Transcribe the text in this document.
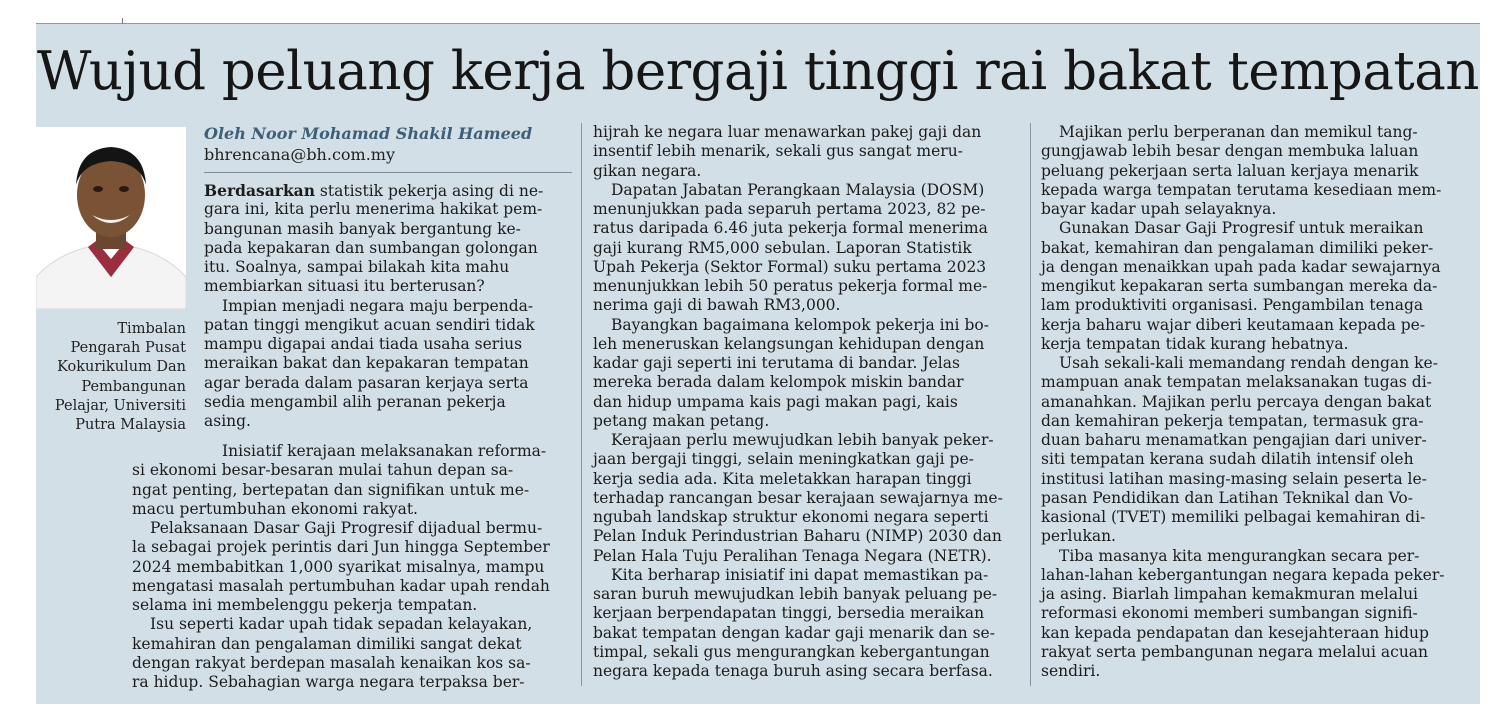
Wujud peluang kerja bergaji tinggi rai bakat tempatan
Timbalan
Pengarah Pusat
Kokurikulum Dan
Pembangunan
Pelajar, Universiti
Putra Malaysia
Oleh Noor Mohamad Shakil Hameed
bhrencana@bh.com.my
Berdasarkan statistik pekerja asing di ne-
gara ini, kita perlu menerima hakikat pem-
bangunan masih banyak bergantung ke-
pada kepakaran dan sumbangan golongan
itu. Soalnya, sampai bilakah kita mahu
membiarkan situasi itu berterusan?
Impian menjadi negara maju berpenda-
patan tinggi mengikut acuan sendiri tidak
mampu digapai andai tiada usaha serius
meraikan bakat dan kepakaran tempatan
agar berada dalam pasaran kerjaya serta
sedia mengambil alih peranan pekerja
asing.
Inisiatif kerajaan melaksanakan reforma-
si ekonomi besar-besaran mulai tahun depan sa-
ngat penting, bertepatan dan signifikan untuk me-
macu pertumbuhan ekonomi rakyat.
Pelaksanaan Dasar Gaji Progresif dijadual bermu-
la sebagai projek perintis dari Jun hingga September
2024 membabitkan 1,000 syarikat misalnya, mampu
mengatasi masalah pertumbuhan kadar upah rendah
selama ini membelenggu pekerja tempatan.
Isu seperti kadar upah tidak sepadan kelayakan,
kemahiran dan pengalaman dimiliki sangat dekat
dengan rakyat berdepan masalah kenaikan kos sa-
ra hidup. Sebahagian warga negara terpaksa ber-
hijrah ke negara luar menawarkan pakej gaji dan
insentif lebih menarik, sekali gus sangat meru-
gikan negara.
Dapatan Jabatan Perangkaan Malaysia (DOSM)
menunjukkan pada separuh pertama 2023, 82 pe-
ratus daripada 6.46 juta pekerja formal menerima
gaji kurang RM5,000 sebulan. Laporan Statistik
Upah Pekerja (Sektor Formal) suku pertama 2023
menunjukkan lebih 50 peratus pekerja formal me-
nerima gaji di bawah RM3,000.
Bayangkan bagaimana kelompok pekerja ini bo-
leh meneruskan kelangsungan kehidupan dengan
kadar gaji seperti ini terutama di bandar. Jelas
mereka berada dalam kelompok miskin bandar
dan hidup umpama kais pagi makan pagi, kais
petang makan petang.
Kerajaan perlu mewujudkan lebih banyak peker-
jaan bergaji tinggi, selain meningkatkan gaji pe-
kerja sedia ada. Kita meletakkan harapan tinggi
terhadap rancangan besar kerajaan sewajarnya me-
ngubah landskap struktur ekonomi negara seperti
Pelan Induk Perindustrian Baharu (NIMP) 2030 dan
Pelan Hala Tuju Peralihan Tenaga Negara (NETR).
Kita berharap inisiatif ini dapat memastikan pa-
saran buruh mewujudkan lebih banyak peluang pe-
kerjaan berpendapatan tinggi, bersedia meraikan
bakat tempatan dengan kadar gaji menarik dan se-
timpal, sekali gus mengurangkan kebergantungan
negara kepada tenaga buruh asing secara berfasa.
Majikan perlu berperanan dan memikul tang-
gungjawab lebih besar dengan membuka laluan
peluang pekerjaan serta laluan kerjaya menarik
kepada warga tempatan terutama kesediaan mem-
bayar kadar upah selayaknya.
Gunakan Dasar Gaji Progresif untuk meraikan
bakat, kemahiran dan pengalaman dimiliki peker-
ja dengan menaikkan upah pada kadar sewajarnya
mengikut kepakaran serta sumbangan mereka da-
lam produktiviti organisasi. Pengambilan tenaga
kerja baharu wajar diberi keutamaan kepada pe-
kerja tempatan tidak kurang hebatnya.
Usah sekali-kali memandang rendah dengan ke-
mampuan anak tempatan melaksanakan tugas di-
amanahkan. Majikan perlu percaya dengan bakat
dan kemahiran pekerja tempatan, termasuk gra-
duan baharu menamatkan pengajian dari univer-
siti tempatan kerana sudah dilatih intensif oleh
institusi latihan masing-masing selain peserta le-
pasan Pendidikan dan Latihan Teknikal dan Vo-
kasional (TVET) memiliki pelbagai kemahiran di-
perlukan.
Tiba masanya kita mengurangkan secara per-
lahan-lahan kebergantungan negara kepada peker-
ja asing. Biarlah limpahan kemakmuran melalui
reformasi ekonomi memberi sumbangan signifi-
kan kepada pendapatan dan kesejahteraan hidup
rakyat serta pembangunan negara melalui acuan
sendiri.
